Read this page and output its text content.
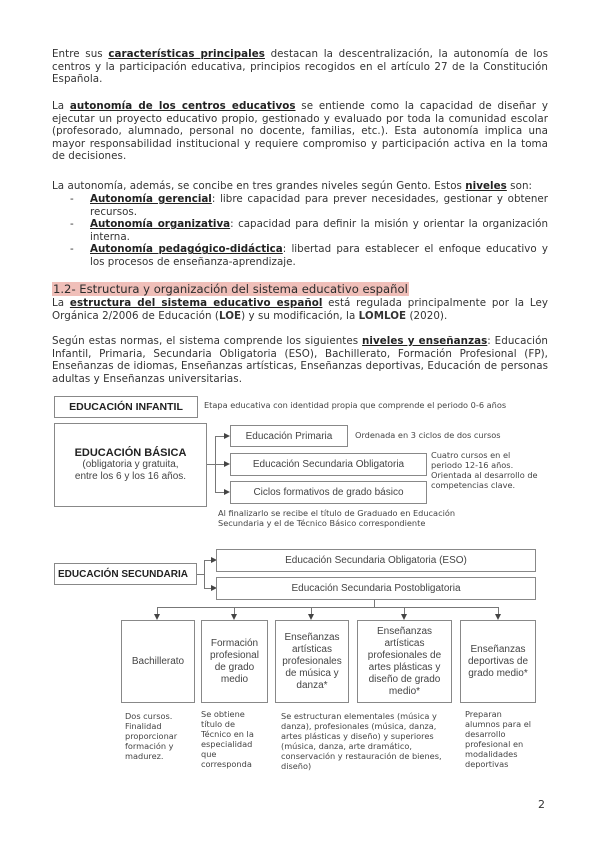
Entre sus características principales destacan la descentralización, la autonomía de los centros y la participación educativa, principios recogidos en el artículo 27 de la Constitución Española.

La autonomía de los centros educativos se entiende como la capacidad de diseñar y ejecutar un proyecto educativo propio, gestionado y evaluado por toda la comunidad escolar (profesorado, alumnado, personal no docente, familias, etc.). Esta autonomía implica una mayor responsabilidad institucional y requiere compromiso y participación activa en la toma de decisiones.

La autonomía, además, se concibe en tres grandes niveles según Gento. Estos niveles son:

- Autonomía gerencial: libre capacidad para prever necesidades, gestionar y obtener recursos.
- Autonomía organizativa: capacidad para definir la misión y orientar la organización interna.
- Autonomía pedagógico-didáctica: libertad para establecer el enfoque educativo y los procesos de enseñanza-aprendizaje.
1.2- Estructura y organización del sistema educativo español

La estructura del sistema educativo español está regulada principalmente por la Ley Orgánica 2/2006 de Educación (LOE) y su modificación, la LOMLOE (2020).

Según estas normas, el sistema comprende los siguientes niveles y enseñanzas: Educación Infantil, Primaria, Secundaria Obligatoria (ESO), Bachillerato, Formación Profesional (FP), Enseñanzas de idiomas, Enseñanzas artísticas, Enseñanzas deportivas, Educación de personas adultas y Enseñanzas universitarias.

EDUCACIÓN INFANTIL	Etapa educativa con identidad propia que comprende el periodo 0-6 años
EDUCACIÓN BÁSICA
(obligatoria y gratuita,
entre los 6 y los 16 años.
Educación Primaria
Educación Secundaria Obligatoria
Ciclos formativos de grado básico
Ordenada en 3 ciclos de dos cursos
Cuatro cursos en el periodo 12-16 años. Orientada al desarrollo de competencias clave.
Al finalizarlo se recibe el título de Graduado en Educación Secundaria y el de Técnico Básico correspondiente
EDUCACIÓN SECUNDARIA
Educación Secundaria Obligatoria (ESO)
Educación Secundaria Postobligatoria
Bachillerato
Formación profesional de grado medio
Enseñanzas artísticas profesionales de música y danza*
Enseñanzas artísticas profesionales de artes plásticas y diseño de grado medio*
Enseñanzas deportivas de grado medio*
Dos cursos. Finalidad proporcionar formación y madurez.
Se obtiene título de Técnico en la especialidad que corresponda
Se estructuran elementales (música y danza), profesionales (música, danza, artes plásticas y diseño) y superiores (música, danza, arte dramático, conservación y restauración de bienes, diseño)
Preparan alumnos para el desarrollo profesional en modalidades deportivas
2
